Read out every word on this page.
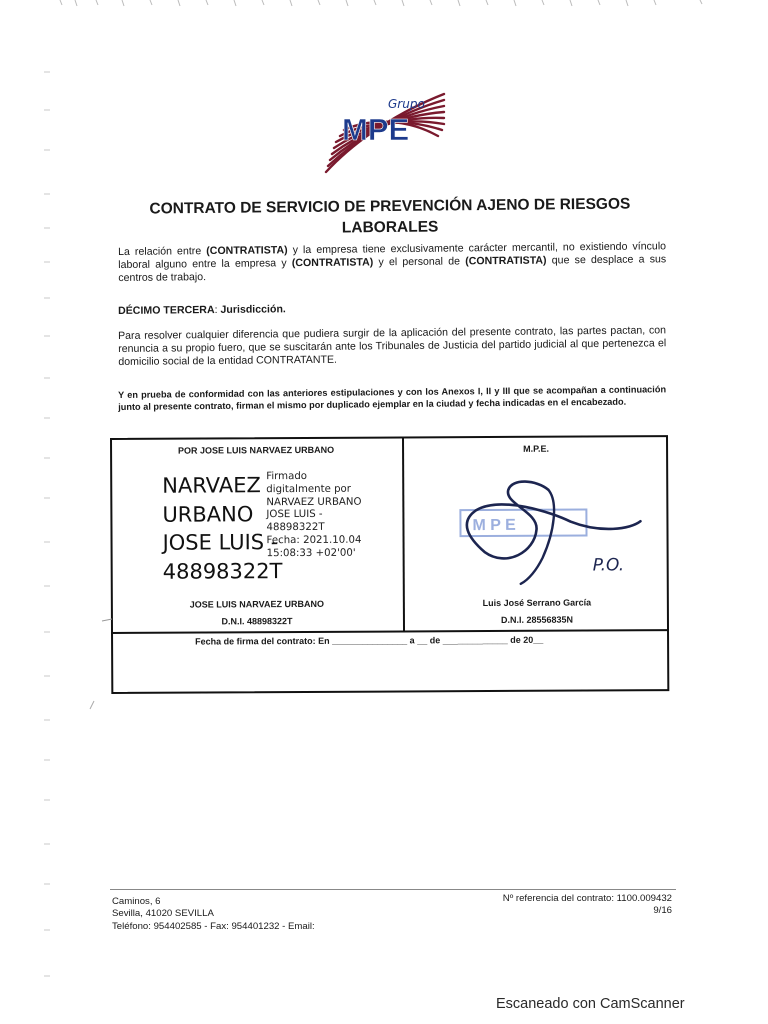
Grupo
MPE
CONTRATO DE SERVICIO DE PREVENCIÓN AJENO DE RIESGOS LABORALES
La relación entre (CONTRATISTA) y la empresa tiene exclusivamente carácter mercantil, no existiendo vínculo laboral alguno entre la empresa y (CONTRATISTA) y el personal de (CONTRATISTA) que se desplace a sus centros de trabajo.
DÉCIMO TERCERA: Jurisdicción.
Para resolver cualquier diferencia que pudiera surgir de la aplicación del presente contrato, las partes pactan, con renuncia a su propio fuero, que se suscitarán ante los Tribunales de Justicia del partido judicial al que pertenezca el domicilio social de la entidad CONTRATANTE.
Y en prueba de conformidad con las anteriores estipulaciones y con los Anexos I, II y III que se acompañan a continuación junto al presente contrato, firman el mismo por duplicado ejemplar en la ciudad y fecha indicadas en el encabezado.
POR JOSE LUIS NARVAEZ URBANO	M.P.E.
NARVAEZ
URBANO
JOSE LUIS -
48898322T
Firmado
digitalmente por
NARVAEZ URBANO
JOSE LUIS -
48898322T
Fecha: 2021.10.04
15:08:33 +02'00'
M P E
P.O.
JOSE LUIS NARVAEZ URBANO
D.N.I. 48898322T
Luis José Serrano García
D.N.I. 28556835N
Fecha de firma del contrato: En _______________ a __ de _____________ de 20__
Caminos, 6
Sevilla, 41020 SEVILLA
Teléfono: 954402585 - Fax: 954401232 - Email:
Nº referencia del contrato: 1100.009432
9/16
Escaneado con CamScanner
